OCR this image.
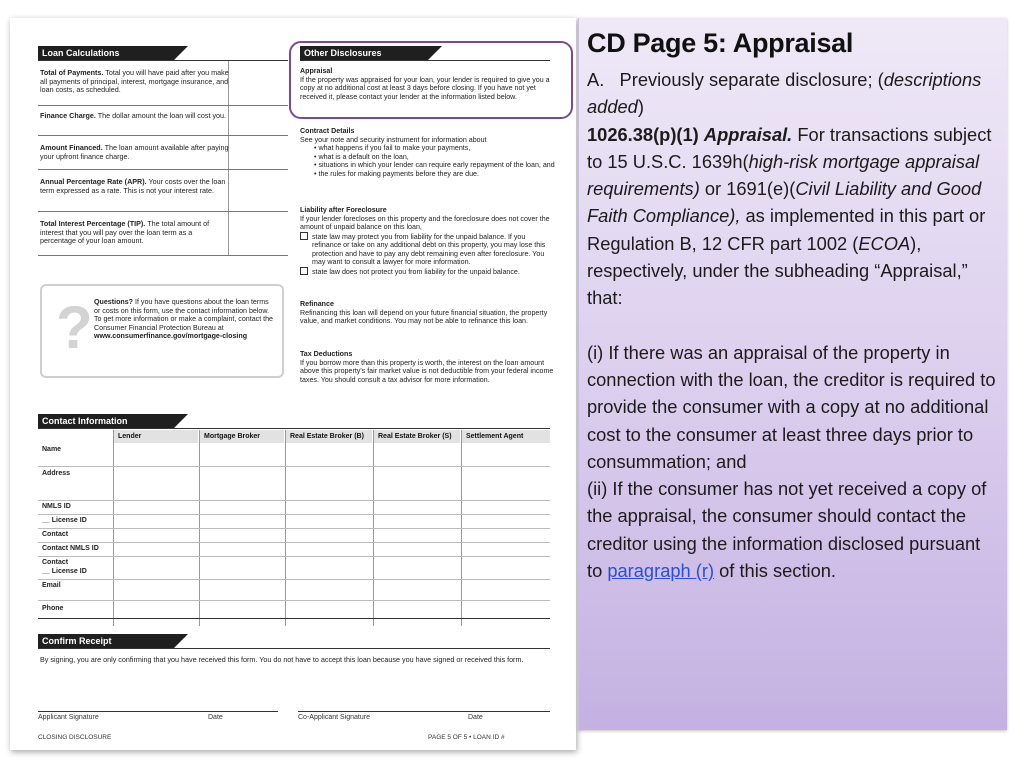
Loan Calculations
Total of Payments. Total you will have paid after you make all payments of principal, interest, mortgage insurance, and loan costs, as scheduled.
Finance Charge. The dollar amount the loan will cost you.
Amount Financed. The loan amount available after paying your upfront finance charge.
Annual Percentage Rate (APR). Your costs over the loan term expressed as a rate. This is not your interest rate.
Total Interest Percentage (TIP). The total amount of interest that you will pay over the loan term as a percentage of your loan amount.
? Questions? If you have questions about the loan terms or costs on this form, use the contact information below. To get more information or make a complaint, contact the Consumer Financial Protection Bureau at www.consumerfinance.gov/mortgage-closing
Other Disclosures
Appraisal
If the property was appraised for your loan, your lender is required to give you a copy at no additional cost at least 3 days before closing. If you have not yet received it, please contact your lender at the information listed below.
Contract Details
See your note and security instrument for information about
• what happens if you fail to make your payments,
• what is a default on the loan,
• situations in which your lender can require early repayment of the loan, and
• the rules for making payments before they are due.
Liability after Foreclosure
If your lender forecloses on this property and the foreclosure does not cover the amount of unpaid balance on this loan,
state law may protect you from liability for the unpaid balance. If you refinance or take on any additional debt on this property, you may lose this protection and have to pay any debt remaining even after foreclosure. You may want to consult a lawyer for more information.
state law does not protect you from liability for the unpaid balance.
Refinance
Refinancing this loan will depend on your future financial situation, the property value, and market conditions. You may not be able to refinance this loan.
Tax Deductions
If you borrow more than this property is worth, the interest on the loan amount above this property's fair market value is not deductible from your federal income taxes. You should consult a tax advisor for more information.
Contact Information
Lender	Mortgage Broker	Real Estate Broker (B)	Real Estate Broker (S)	Settlement Agent
Name
Address
NMLS ID
__ License ID
Contact
Contact NMLS ID
Contact
__ License ID
Email
Phone
Confirm Receipt
By signing, you are only confirming that you have received this form. You do not have to accept this loan because you have signed or received this form.
Applicant Signature	Date	Co-Applicant Signature	Date
CLOSING DISCLOSURE	PAGE 5 OF 5 • LOAN ID #
CD Page 5: Appraisal

A. Previously separate disclosure; (descriptions added)

1026.38(p)(1) Appraisal. For transactions subject to 15 U.S.C. 1639h(high-risk mortgage appraisal requirements) or 1691(e)(Civil Liability and Good Faith Compliance), as implemented in this part or Regulation B, 12 CFR part 1002 (ECOA), respectively, under the subheading “Appraisal,” that:

(i) If there was an appraisal of the property in connection with the loan, the creditor is required to provide the consumer with a copy at no additional cost to the consumer at least three days prior to consummation; and

(ii) If the consumer has not yet received a copy of the appraisal, the consumer should contact the creditor using the information disclosed pursuant to paragraph (r) of this section.
